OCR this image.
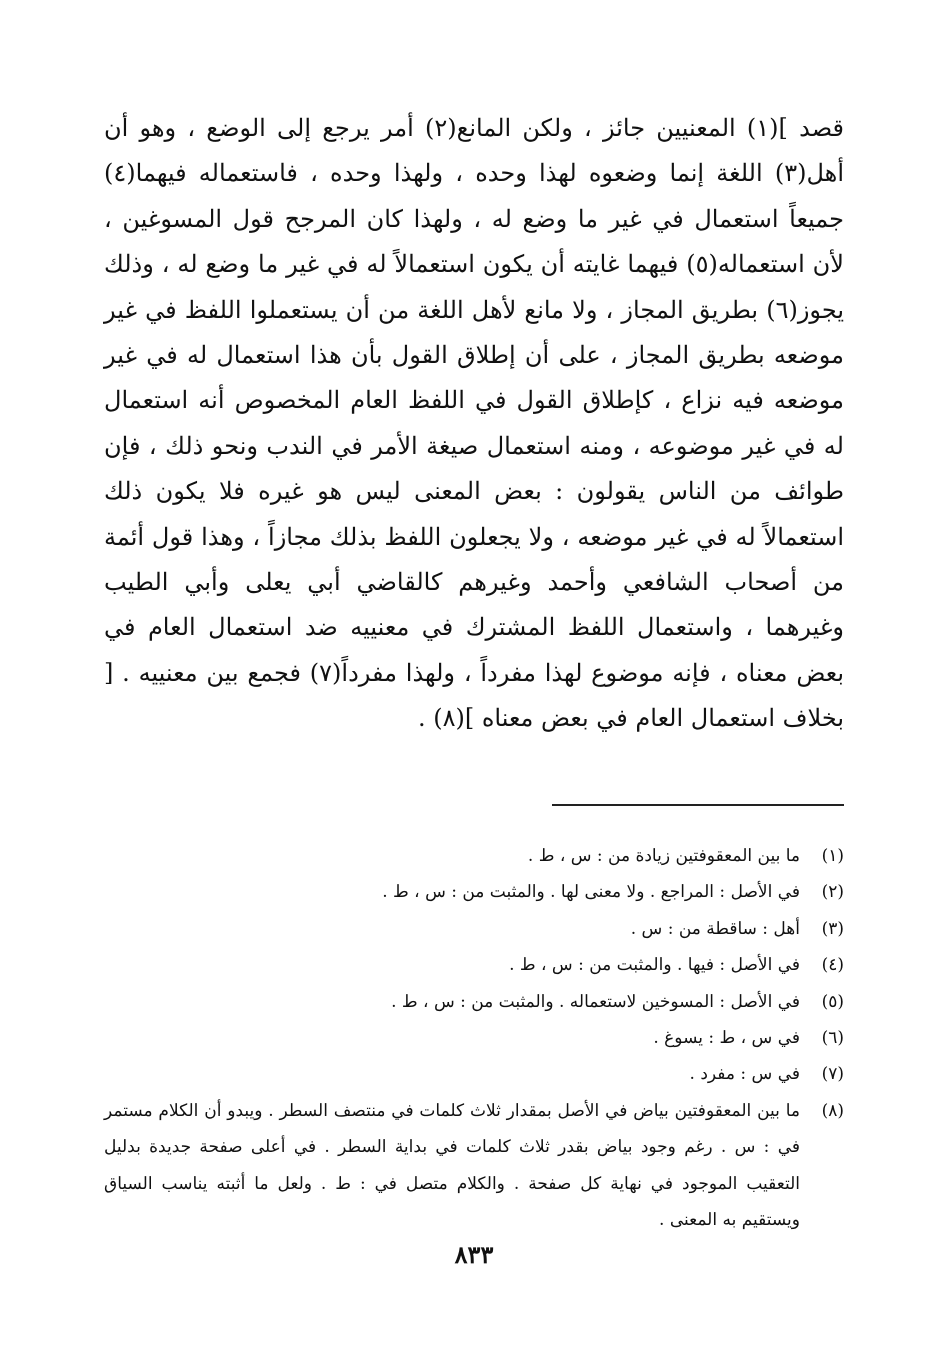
قصد ](١) المعنيين جائز ، ولكن المانع(٢) أمر يرجع إلى الوضع ، وهو أن أهل(٣) اللغة إنما وضعوه لهذا وحده ، ولهذا وحده ، فاستعماله فيهما(٤) جميعاً استعمال في غير ما وضع له ، ولهذا كان المرجح قول المسوغين ، لأن استعماله(٥) فيهما غايته أن يكون استعمالاً له في غير ما وضع له ، وذلك يجوز(٦) بطريق المجاز ، ولا مانع لأهل اللغة من أن يستعملوا اللفظ في غير موضعه بطريق المجاز ، على أن إطلاق القول بأن هذا استعمال له في غير موضعه فيه نزاع ، كإطلاق القول في اللفظ العام المخصوص أنه استعمال له في غير موضوعه ، ومنه استعمال صيغة الأمر في الندب ونحو ذلك ، فإن طوائف من الناس يقولون : بعض المعنى ليس هو غيره فلا يكون ذلك استعمالاً له في غير موضعه ، ولا يجعلون اللفظ بذلك مجازاً ، وهذا قول أئمة من أصحاب الشافعي وأحمد وغيرهم كالقاضي أبي يعلى وأبي الطيب وغيرهما ، واستعمال اللفظ المشترك في معنييه ضد استعمال العام في بعض معناه ، فإنه موضوع لهذا مفرداً ، ولهذا مفرداً(٧) فجمع بين معنييه . [ بخلاف استعمال العام في بعض معناه ](٨) .

(١)
ما بين المعقوفتين زيادة من : س ، ط .
(٢)
في الأصل : المراجع . ولا معنى لها . والمثبت من : س ، ط .
(٣)
أهل : ساقطة من : س .
(٤)
في الأصل : فيها . والمثبت من : س ، ط .
(٥)
في الأصل : المسوخين لاستعماله . والمثبت من : س ، ط .
(٦)
في س ، ط : يسوغ .
(٧)
في س : مفرد .
(٨)
ما بين المعقوفتين بياض في الأصل بمقدار ثلاث كلمات في منتصف السطر . ويبدو أن الكلام مستمر في : س . رغم وجود بياض بقدر ثلاث كلمات في بداية السطر . في أعلى صفحة جديدة بدليل التعقيب الموجود في نهاية كل صفحة . والكلام متصل في : ط . ولعل ما أثبته يناسب السياق ويستقيم به المعنى .
٨٣٣
